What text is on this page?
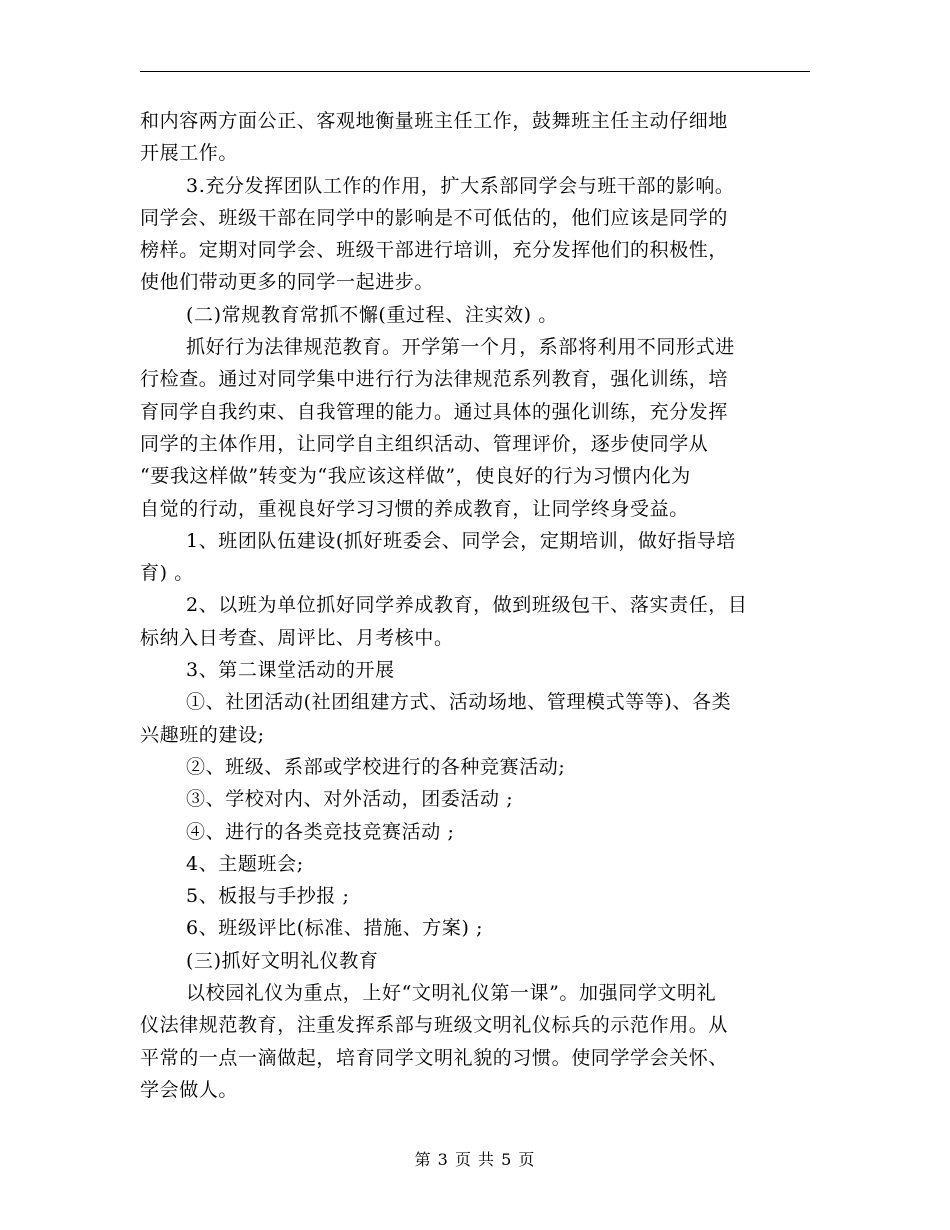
和内容两方面公正、客观地衡量班主任工作，鼓舞班主任主动仔细地
开展工作。
3.充分发挥团队工作的作用，扩大系部同学会与班干部的影响。
同学会、班级干部在同学中的影响是不可低估的，他们应该是同学的
榜样。定期对同学会、班级干部进行培训，充分发挥他们的积极性，
使他们带动更多的同学一起进步。
(二)常规教育常抓不懈(重过程、注实效) 。
抓好行为法律规范教育。开学第一个月，系部将利用不同形式进
行检查。通过对同学集中进行行为法律规范系列教育，强化训练，培
育同学自我约束、自我管理的能力。通过具体的强化训练，充分发挥
同学的主体作用，让同学自主组织活动、管理评价，逐步使同学从
“要我这样做”转变为“我应该这样做”，使良好的行为习惯内化为
自觉的行动，重视良好学习习惯的养成教育，让同学终身受益。
1、班团队伍建设(抓好班委会、同学会，定期培训，做好指导培
育) 。
2、以班为单位抓好同学养成教育，做到班级包干、落实责任，目
标纳入日考查、周评比、月考核中。
3、第二课堂活动的开展
①、社团活动(社团组建方式、活动场地、管理模式等等)、各类
兴趣班的建设;
②、班级、系部或学校进行的各种竞赛活动;
③、学校对内、对外活动，团委活动 ;
④、进行的各类竞技竞赛活动 ;
4、主题班会;
5、板报与手抄报 ;
6、班级评比(标准、措施、方案) ;
(三)抓好文明礼仪教育
以校园礼仪为重点，上好“文明礼仪第一课”。加强同学文明礼
仪法律规范教育，注重发挥系部与班级文明礼仪标兵的示范作用。从
平常的一点一滴做起，培育同学文明礼貌的习惯。使同学学会关怀、
学会做人。
第 3 页 共 5 页
